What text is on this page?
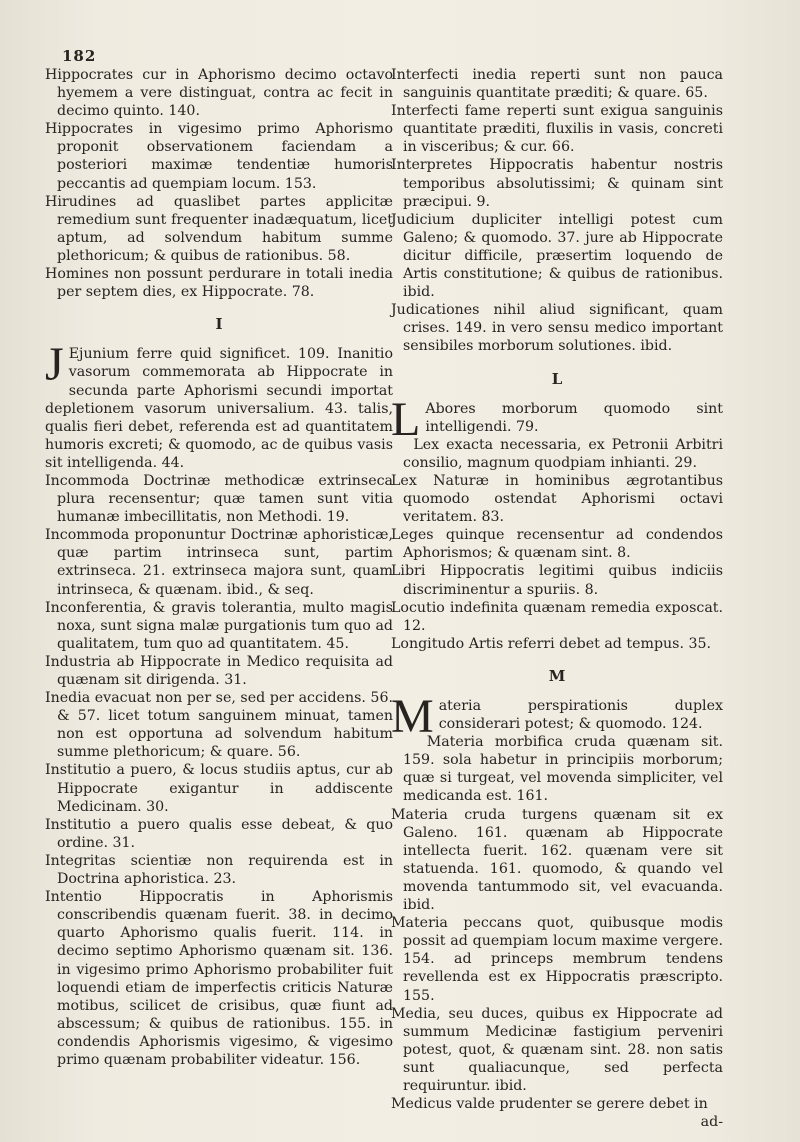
182

Hippocrates cur in Aphorismo decimo octavo hyemem a vere distinguat, contra ac fecit in decimo quinto. 140.

Hippocrates in vigesimo primo Aphorismo proponit observationem faciendam a posteriori maximæ tendentiæ humoris peccantis ad quempiam locum. 153.

Hirudines ad quaslibet partes applicitæ remedium sunt frequenter inadæquatum, licet aptum, ad solvendum habitum summe plethoricum; & quibus de rationibus. 58.

Homines non possunt perdurare in totali inedia per septem dies, ex Hippocrate. 78.

I
J Ejunium ferre quid significet. 109. Inanitio vasorum commemorata ab Hippocrate in secunda parte Aphorismi secundi importat depletionem vasorum universalium. 43. talis, qualis fieri debet, referenda est ad quantitatem humoris excreti; & quomodo, ac de quibus vasis sit intelligenda. 44.

Incommoda Doctrinæ methodicæ extrinseca plura recensentur; quæ tamen sunt vitia humanæ imbecillitatis, non Methodi. 19.

Incommoda proponuntur Doctrinæ aphoristicæ, quæ partim intrinseca sunt, partim extrinseca. 21. extrinseca majora sunt, quam intrinseca, & quænam. ibid., & seq.

Inconferentia, & gravis tolerantia, multo magis noxa, sunt signa malæ purgationis tum quo ad qualitatem, tum quo ad quantitatem. 45.

Industria ab Hippocrate in Medico requisita ad quænam sit dirigenda. 31.

Inedia evacuat non per se, sed per accidens. 56. & 57. licet totum sanguinem minuat, tamen non est opportuna ad solvendum habitum summe plethoricum; & quare. 56.

Institutio a puero, & locus studiis aptus, cur ab Hippocrate exigantur in addiscente Medicinam. 30.

Institutio a puero qualis esse debeat, & quo ordine. 31.

Integritas scientiæ non requirenda est in Doctrina aphoristica. 23.

Intentio Hippocratis in Aphorismis conscribendis quænam fuerit. 38. in decimo quarto Aphorismo qualis fuerit. 114. in decimo septimo Aphorismo quænam sit. 136. in vigesimo primo Aphorismo probabiliter fuit loquendi etiam de imperfectis criticis Naturæ motibus, scilicet de crisibus, quæ fiunt ad abscessum; & quibus de rationibus. 155. in condendis Aphorismis vigesimo, & vigesimo primo quænam probabiliter videatur. 156.

Interfecti inedia reperti sunt non pauca sanguinis quantitate præditi; & quare. 65.

Interfecti fame reperti sunt exigua sanguinis quantitate præditi, fluxilis in vasis, concreti in visceribus; & cur. 66.

Interpretes Hippocratis habentur nostris temporibus absolutissimi; & quinam sint præcipui. 9.

Judicium dupliciter intelligi potest cum Galeno; & quomodo. 37. jure ab Hippocrate dicitur difficile, præsertim loquendo de Artis constitutione; & quibus de rationibus. ibid.

Judicationes nihil aliud significant, quam crises. 149. in vero sensu medico important sensibiles morborum solutiones. ibid.

L
L Abores morborum quomodo sint intelligendi. 79.

Lex exacta necessaria, ex Petronii Arbitri consilio, magnum quodpiam inhianti. 29.

Lex Naturæ in hominibus ægrotantibus quomodo ostendat Aphorismi octavi veritatem. 83.

Leges quinque recensentur ad condendos Aphorismos; & quænam sint. 8.

Libri Hippocratis legitimi quibus indiciis discriminentur a spuriis. 8.

Locutio indefinita quænam remedia exposcat. 12.

Longitudo Artis referri debet ad tempus. 35.

M
M ateria perspirationis duplex considerari potest; & quomodo. 124.

Materia morbifica cruda quænam sit. 159. sola habetur in principiis morborum; quæ si turgeat, vel movenda simpliciter, vel medicanda est. 161.

Materia cruda turgens quænam sit ex Galeno. 161. quænam ab Hippocrate intellecta fuerit. 162. quænam vere sit statuenda. 161. quomodo, & quando vel movenda tantummodo sit, vel evacuanda. ibid.

Materia peccans quot, quibusque modis possit ad quempiam locum maxime vergere. 154. ad princeps membrum tendens revellenda est ex Hippocratis præscripto. 155.

Media, seu duces, quibus ex Hippocrate ad summum Medicinæ fastigium perveniri potest, quot, & quænam sint. 28. non satis sunt qualiacunque, sed perfecta requiruntur. ibid.

Medicus valde prudenter se gerere debet in

ad-
